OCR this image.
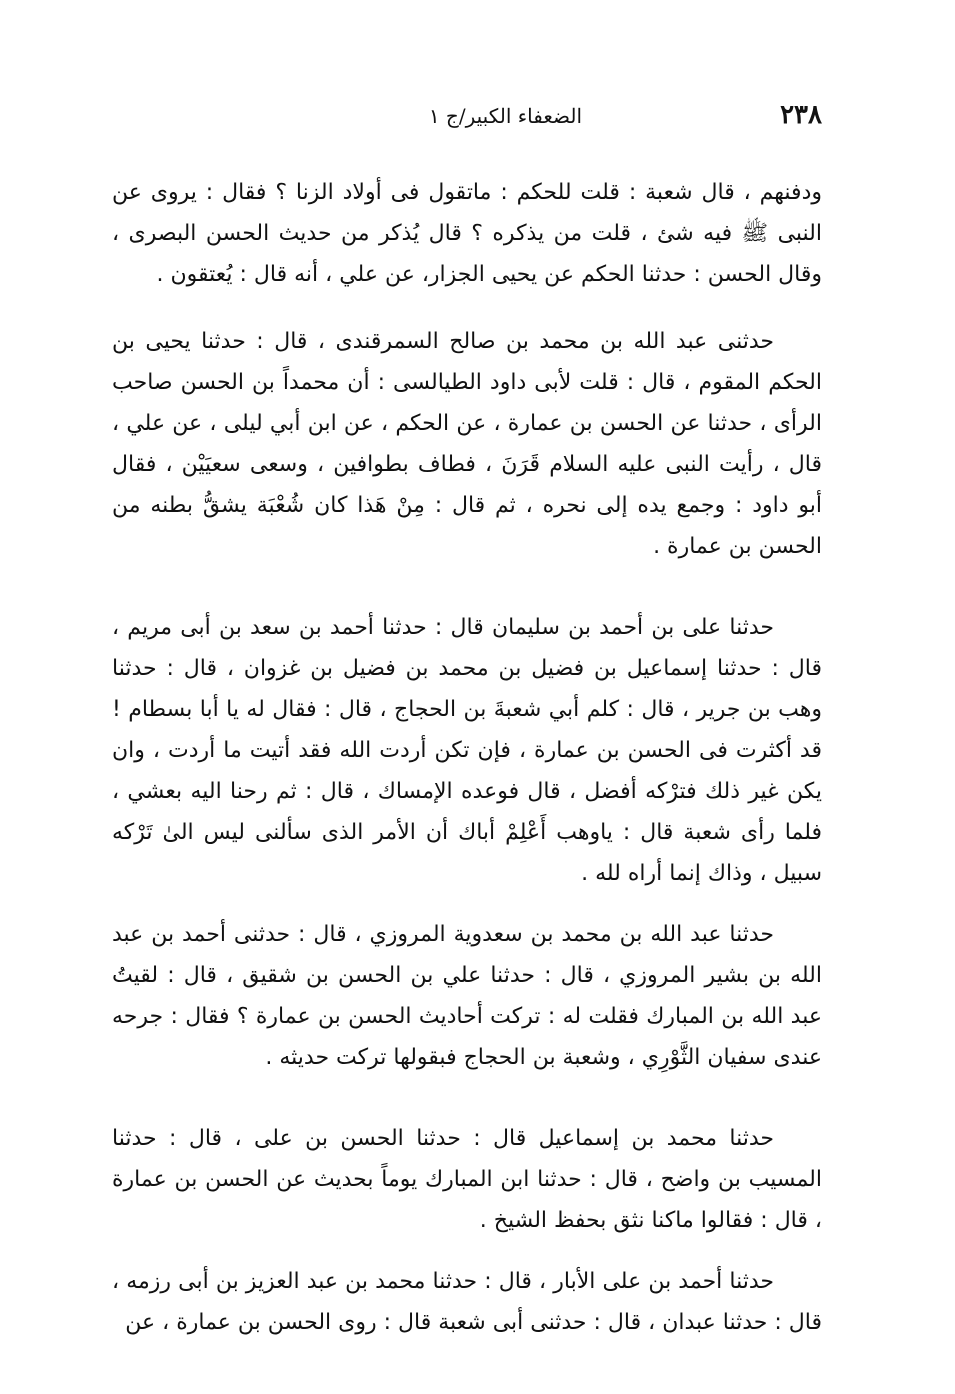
٢٣٨
الضعفاء الكبير/ج ١

ودفنهم ، قال شعبة : قلت للحكم : ماتقول فى أولاد الزنا ؟ فقال : يروى عن النبى ﷺ فيه شئ ، قلت من يذكره ؟ قال يُذكر من حديث الحسن البصرى ، وقال الحسن : حدثنا الحكم عن يحيى الجزار، عن علي ، أنه قال : يُعتقون .

حدثنى عبد الله بن محمد بن صالح السمرقندى ، قال : حدثنا يحيى بن الحكم المقوم ، قال : قلت لأبى داود الطيالسى : أن محمداً بن الحسن صاحب الرأى ، حدثنا عن الحسن بن عمارة ، عن الحكم ، عن ابن أبي ليلى ، عن علي ، قال ، رأيت النبى عليه السلام قَرَنَ ، فطاف بطوافين ، وسعى سعيَيْن ، فقال أبو داود : وجمع يده إلى نحره ، ثم قال : مِنْ هَذا كان شُعْبَة يشقُّ بطنه من الحسن بن عمارة .

حدثنا على بن أحمد بن سليمان قال : حدثنا أحمد بن سعد بن أبى مريم ، قال : حدثنا إسماعيل بن فضيل بن محمد بن فضيل بن غزوان ، قال : حدثنا وهب بن جرير ، قال : كلم أبي شعبةَ بن الحجاج ، قال : فقال له يا أبا بسطام ! قد أكثرت فى الحسن بن عمارة ، فإن تكن أردت الله فقد أتيت ما أردت ، وان يكن غير ذلك فترْكه أفضل ، قال فوعده الإمساك ، قال : ثم رحنا اليه بعشي ، فلما رأى شعبة قال : ياوهب أَعْلِمْ أباك أن الأمر الذى سألنى ليس الىٰ تَرْكه سبيل ، وذاك إنما أراه لله .

حدثنا عبد الله بن محمد بن سعدوية المروزي ، قال : حدثنى أحمد بن عبد الله بن بشير المروزي ، قال : حدثنا علي بن الحسن بن شقيق ، قال : لقيتُ عبد الله بن المبارك فقلت له : تركت أحاديث الحسن بن عمارة ؟ فقال : جرحه عندى سفيان الثَّوْرِي ، وشعبة بن الحجاج فبقولها تركت حديثه .

حدثنا محمد بن إسماعيل قال : حدثنا الحسن بن على ، قال : حدثنا المسيب بن واضح ، قال : حدثنا ابن المبارك يوماً بحديث عن الحسن بن عمارة ، قال : فقالوا ماكنا نثق بحفظ الشيخ .

حدثنا أحمد بن على الأبار ، قال : حدثنا محمد بن عبد العزيز بن أبى رزمه ، قال : حدثنا عبدان ، قال : حدثنى أبى شعبة قال : روى الحسن بن عمارة ، عن
